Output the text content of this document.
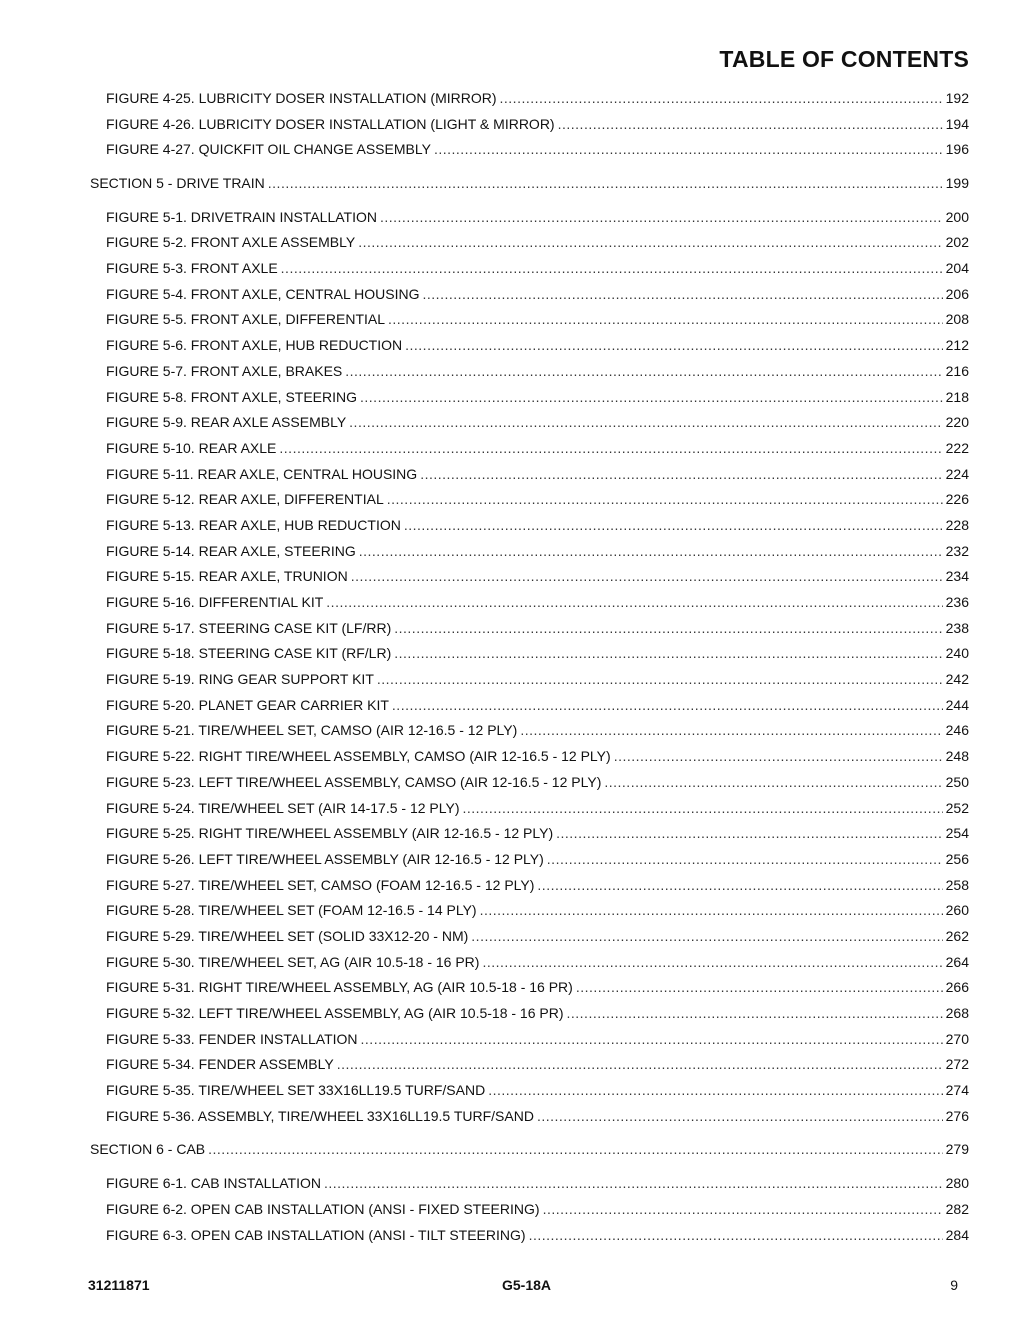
TABLE OF CONTENTS
FIGURE 4-25. LUBRICITY DOSER INSTALLATION (MIRROR) .....	192
FIGURE 4-26. LUBRICITY DOSER INSTALLATION (LIGHT & MIRROR) .....	194
FIGURE 4-27. QUICKFIT OIL CHANGE ASSEMBLY .....	196
SECTION 5 - DRIVE TRAIN .....	199
FIGURE 5-1. DRIVETRAIN INSTALLATION .....	200
FIGURE 5-2. FRONT AXLE ASSEMBLY .....	202
FIGURE 5-3. FRONT AXLE .....	204
FIGURE 5-4. FRONT AXLE, CENTRAL HOUSING .....	206
FIGURE 5-5. FRONT AXLE, DIFFERENTIAL .....	208
FIGURE 5-6. FRONT AXLE, HUB REDUCTION .....	212
FIGURE 5-7. FRONT AXLE, BRAKES .....	216
FIGURE 5-8. FRONT AXLE, STEERING .....	218
FIGURE 5-9. REAR AXLE ASSEMBLY .....	220
FIGURE 5-10. REAR AXLE .....	222
FIGURE 5-11. REAR AXLE, CENTRAL HOUSING .....	224
FIGURE 5-12. REAR AXLE, DIFFERENTIAL .....	226
FIGURE 5-13. REAR AXLE, HUB REDUCTION .....	228
FIGURE 5-14. REAR AXLE, STEERING .....	232
FIGURE 5-15. REAR AXLE, TRUNION .....	234
FIGURE 5-16. DIFFERENTIAL KIT .....	236
FIGURE 5-17. STEERING CASE KIT (LF/RR) .....	238
FIGURE 5-18. STEERING CASE KIT (RF/LR) .....	240
FIGURE 5-19. RING GEAR SUPPORT KIT .....	242
FIGURE 5-20. PLANET GEAR CARRIER KIT .....	244
FIGURE 5-21. TIRE/WHEEL SET, CAMSO (AIR 12-16.5 - 12 PLY) .....	246
FIGURE 5-22. RIGHT TIRE/WHEEL ASSEMBLY, CAMSO (AIR 12-16.5 - 12 PLY) .....	248
FIGURE 5-23. LEFT TIRE/WHEEL ASSEMBLY, CAMSO (AIR 12-16.5 - 12 PLY) .....	250
FIGURE 5-24. TIRE/WHEEL SET (AIR 14-17.5 - 12 PLY) .....	252
FIGURE 5-25. RIGHT TIRE/WHEEL ASSEMBLY (AIR 12-16.5 - 12 PLY) .....	254
FIGURE 5-26. LEFT TIRE/WHEEL ASSEMBLY (AIR 12-16.5 - 12 PLY) .....	256
FIGURE 5-27. TIRE/WHEEL SET, CAMSO (FOAM 12-16.5 - 12 PLY) .....	258
FIGURE 5-28. TIRE/WHEEL SET (FOAM 12-16.5 - 14 PLY) .....	260
FIGURE 5-29. TIRE/WHEEL SET (SOLID 33X12-20 - NM) .....	262
FIGURE 5-30. TIRE/WHEEL SET, AG (AIR 10.5-18 - 16 PR) .....	264
FIGURE 5-31. RIGHT TIRE/WHEEL ASSEMBLY, AG (AIR 10.5-18 - 16 PR) .....	266
FIGURE 5-32. LEFT TIRE/WHEEL ASSEMBLY, AG (AIR 10.5-18 - 16 PR) .....	268
FIGURE 5-33. FENDER INSTALLATION .....	270
FIGURE 5-34. FENDER ASSEMBLY .....	272
FIGURE 5-35. TIRE/WHEEL SET 33X16LL19.5 TURF/SAND .....	274
FIGURE 5-36. ASSEMBLY, TIRE/WHEEL 33X16LL19.5 TURF/SAND .....	276
SECTION 6 - CAB .....	279
FIGURE 6-1. CAB INSTALLATION .....	280
FIGURE 6-2. OPEN CAB INSTALLATION (ANSI - FIXED STEERING) .....	282
FIGURE 6-3. OPEN CAB INSTALLATION (ANSI - TILT STEERING) .....	284
31211871	G5-18A	9
